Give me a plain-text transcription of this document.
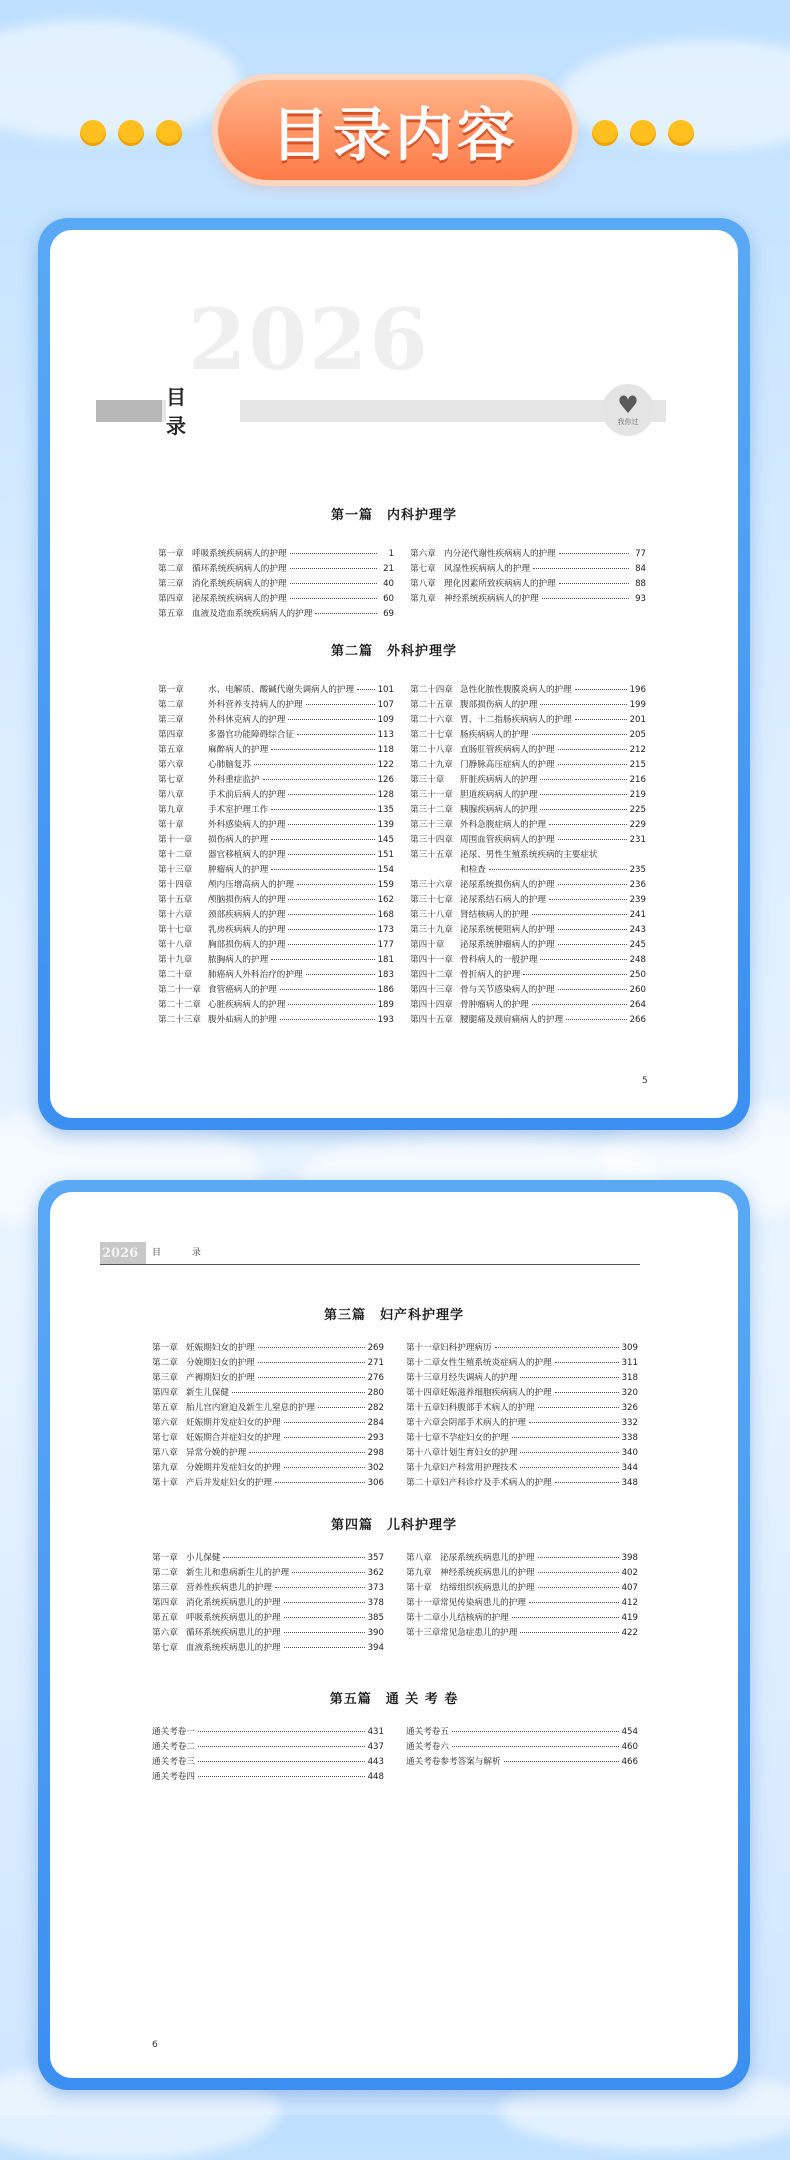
目录内容
2026
目 录
♥
我你过
第一篇　内科护理学
第一章 呼吸系统疾病病人的护理	1
第二章 循环系统疾病病人的护理	21
第三章 消化系统疾病病人的护理	40
第四章 泌尿系统疾病病人的护理	60
第五章 血液及造血系统疾病病人的护理	69
第六章 内分泌代谢性疾病病人的护理	77
第七章 风湿性疾病病人的护理	84
第八章 理化因素所致疾病病人的护理	88
第九章 神经系统疾病病人的护理	93
第二篇　外科护理学
第一章	水、电解质、酸碱代谢失调病人的护理	101
第二章	外科营养支持病人的护理	107
第三章	外科休克病人的护理	109
第四章	多器官功能障碍综合征	113
第五章	麻醉病人的护理	118
第六章	心肺脑复苏	122
第七章	外科重症监护	126
第八章	手术前后病人的护理	128
第九章	手术室护理工作	135
第十章	外科感染病人的护理	139
第十一章	损伤病人的护理	145
第十二章	器官移植病人的护理	151
第十三章	肿瘤病人的护理	154
第十四章	颅内压增高病人的护理	159
第十五章	颅脑损伤病人的护理	162
第十六章	颈部疾病病人的护理	168
第十七章	乳房疾病病人的护理	173
第十八章	胸部损伤病人的护理	177
第十九章	脓胸病人的护理	181
第二十章	肺癌病人外科治疗的护理	183
第二十一章 食管癌病人的护理	186
第二十二章 心脏疾病病人的护理	189
第二十三章 腹外疝病人的护理	193
第二十四章 急性化脓性腹膜炎病人的护理	196
第二十五章 腹部损伤病人的护理	199
第二十六章 胃、十二指肠疾病病人的护理	201
第二十七章 肠疾病病人的护理	205
第二十八章 直肠肛管疾病病人的护理	212
第二十九章 门静脉高压症病人的护理	215
第三十章	肝脏疾病病人的护理	216
第三十一章 胆道疾病病人的护理	219
第三十二章 胰腺疾病病人的护理	225
第三十三章 外科急腹症病人的护理	229
第三十四章 周围血管疾病病人的护理	231
第三十五章 泌尿、男性生殖系统疾病的主要症状
和检查	235
第三十六章 泌尿系统损伤病人的护理	236
第三十七章 泌尿系结石病人的护理	239
第三十八章 肾结核病人的护理	241
第三十九章 泌尿系统梗阻病人的护理	243
第四十章	泌尿系统肿瘤病人的护理	245
第四十一章 骨科病人的一般护理	248
第四十二章 骨折病人的护理	250
第四十三章 骨与关节感染病人的护理	260
第四十四章 骨肿瘤病人的护理	264
第四十五章 腰腿痛及颈肩痛病人的护理	266
5
2026	目 录
第三篇　妇产科护理学
第一章 妊娠期妇女的护理	269
第二章 分娩期妇女的护理	271
第三章 产褥期妇女的护理	276
第四章 新生儿保健	280
第五章 胎儿宫内窘迫及新生儿窒息的护理	282
第六章 妊娠期并发症妇女的护理	284
第七章 妊娠期合并症妇女的护理	293
第八章 异常分娩的护理	298
第九章 分娩期并发症妇女的护理	302
第十章 产后并发症妇女的护理	306
第十一章 妇科护理病历	309
第十二章 女性生殖系统炎症病人的护理	311
第十三章 月经失调病人的护理	318
第十四章 妊娠滋养细胞疾病病人的护理	320
第十五章 妇科腹部手术病人的护理	326
第十六章 会阴部手术病人的护理	332
第十七章 不孕症妇女的护理	338
第十八章 计划生育妇女的护理	340
第十九章 妇产科常用护理技术	344
第二十章 妇产科诊疗及手术病人的护理	348
第四篇　儿科护理学
第一章 小儿保健	357
第二章 新生儿和患病新生儿的护理	362
第三章 营养性疾病患儿的护理	373
第四章 消化系统疾病患儿的护理	378
第五章 呼吸系统疾病患儿的护理	385
第六章 循环系统疾病患儿的护理	390
第七章 血液系统疾病患儿的护理	394
第八章 泌尿系统疾病患儿的护理	398
第九章 神经系统疾病患儿的护理	402
第十章 结缔组织疾病患儿的护理	407
第十一章 常见传染病患儿的护理	412
第十二章 小儿结核病的护理	419
第十三章 常见急症患儿的护理	422
第五篇　通 关 考 卷
通关考卷一	431
通关考卷二	437
通关考卷三	443
通关考卷四	448
通关考卷五	454
通关考卷六	460
通关考卷参考答案与解析	466
6
